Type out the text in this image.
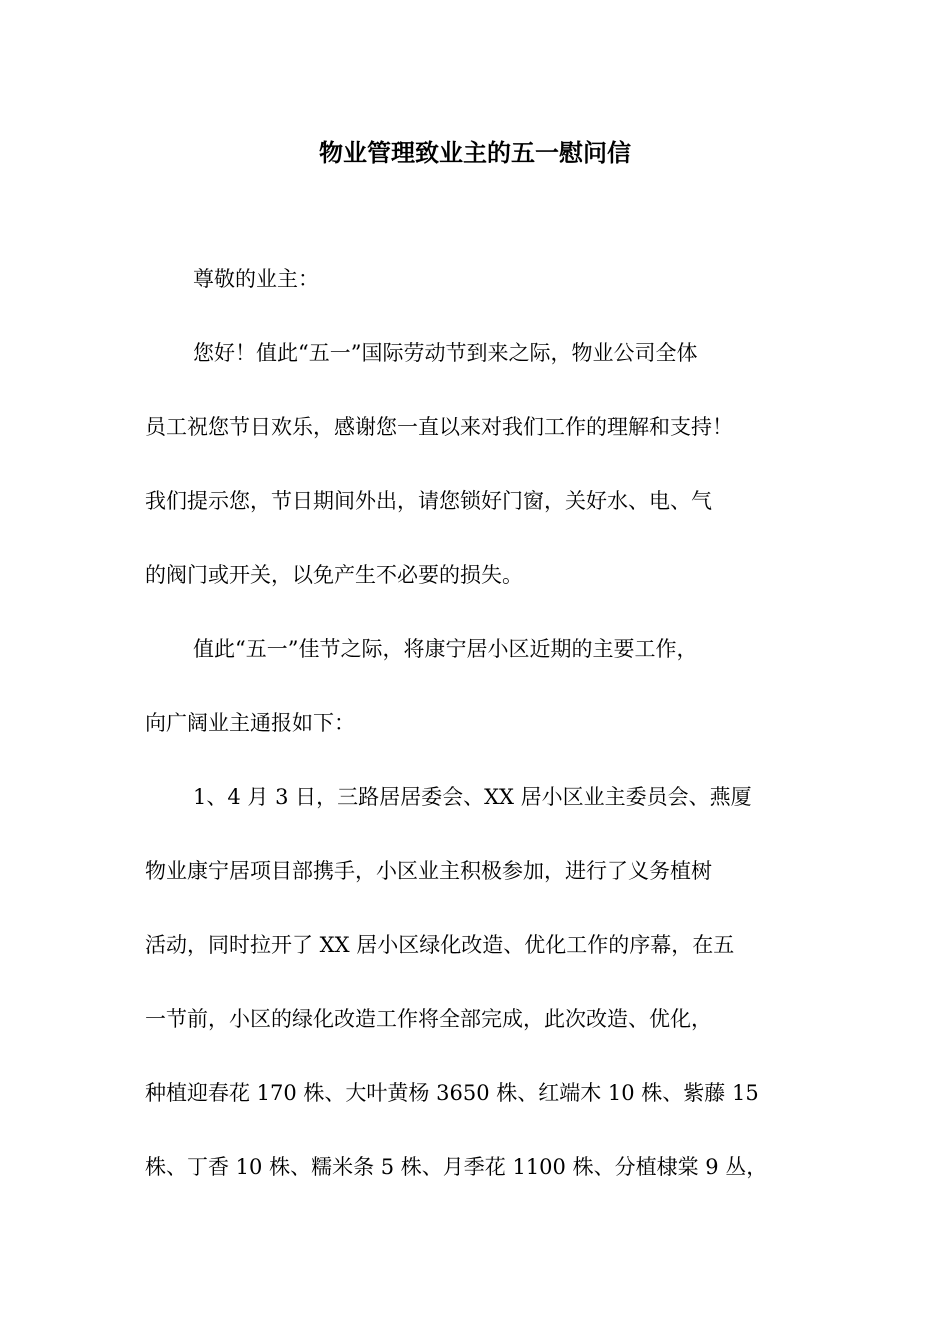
物业管理致业主的五一慰问信
尊敬的业主：
您好！值此“五一”国际劳动节到来之际，物业公司全体
员工祝您节日欢乐，感谢您一直以来对我们工作的理解和支持！
我们提示您，节日期间外出，请您锁好门窗，关好水、电、气
的阀门或开关，以免产生不必要的损失。
值此“五一”佳节之际，将康宁居小区近期的主要工作，
向广阔业主通报如下：
1、4 月 3 日，三路居居委会、XX 居小区业主委员会、燕厦
物业康宁居项目部携手，小区业主积极参加，进行了义务植树
活动，同时拉开了 XX 居小区绿化改造、优化工作的序幕，在五
一节前，小区的绿化改造工作将全部完成，此次改造、优化，
种植迎春花 170 株、大叶黄杨 3650 株、红端木 10 株、紫藤 15
株、丁香 10 株、糯米条 5 株、月季花 1100 株、分植棣棠 9 丛，
